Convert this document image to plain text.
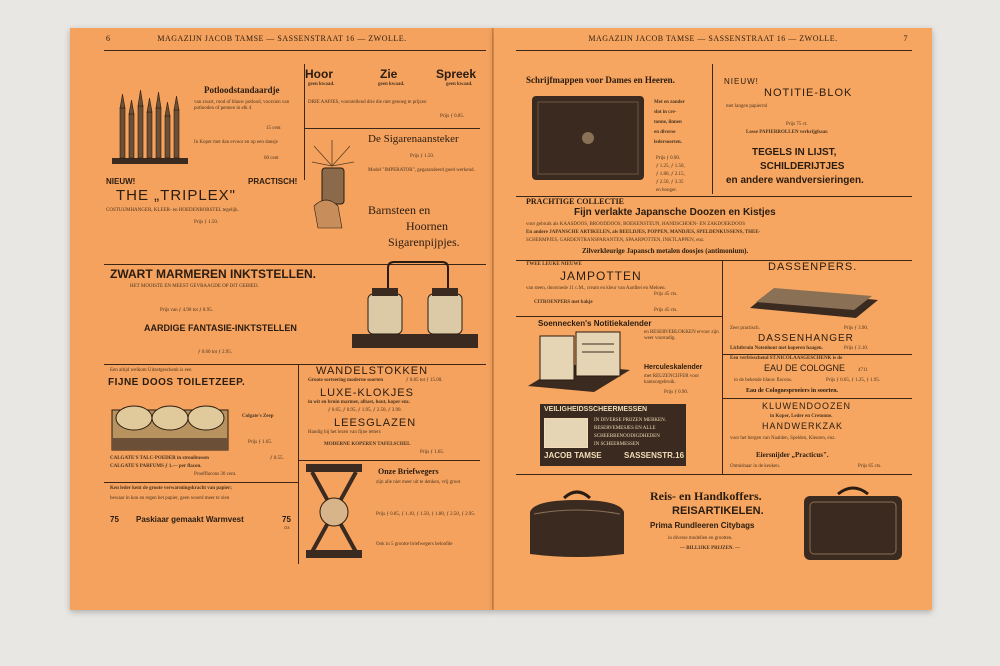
6	MAGAZIJN JACOB TAMSE — SASSENSTRAAT 16 — ZWOLLE.
Potloodstandaardje
van zwart, rood of blauw potlood, voorzien van potlooden of pennen in elk 4
15 cent
In Koper met dan ervoor en op een dansje
60 cent
Hoor	Zie	Spreek
geen kwaad.	geen kwaad.	geen kwaad.
DRIE AAPJES, voorstellend drie die niet genoeg te prijzen
Prijs ƒ 0.85.
De Sigarenaansteker
Model "IMPERATOR", gegarandeerd goed werkend.
Prijs ƒ 1.50.
Barnsteen en
Hoornen
Sigarenpijpjes.
NIEUW!	PRACTISCH!
THE „TRIPLEX"
COSTUUMHANGER, KLEER- en HOEDENBORSTEL tegelijk.
Prijs ƒ 1.50.
ZWART MARMEREN INKTSTELLEN.
HET MOOISTE EN MEEST GEVRAAGDE OP DIT GEBIED.
Prijs van ƒ 4.90 tot ƒ 8.95.
AARDIGE FANTASIE-INKTSTELLEN
ƒ 0.60 tot ƒ 2.95.
Een altijd welkom Uitzetgeschenk is een
FIJNE DOOS TOILETZEEP.
Colgate's Zeep
Prijs ƒ 1.65.
CALGATE'S TALC-POEDER in strooibussen	ƒ 0.55.
CALGATE'S PARFUMS ƒ 1.— per flacon.
Proefflacons 30 cent.
Ken leder kent de groote verwarmingskracht van papier;
bewaar in kou en regen het papier, geen woord meer te zien
75 Paskiaar gemaakt Warmvest	75
cts
WANDELSTOKKEN
Groote sorteering moderne soorten	ƒ 0.85 tot ƒ 15.00.
LUXE-KLOKJES
in wit en bruin marmer, albast, hout, koper enz.
ƒ 0.65, ƒ 0.95, ƒ 1.95, ƒ 2.50, ƒ 3.90.
LEESGLAZEN
Handig bij het lezen van fijne letters
MODERNE KOPEREN TAFELSCHEL
Prijs ƒ 1.65.
Onze Briefwegers
zijn alle niet meer uit te denken, vrij groot
Prijs ƒ 0.85, ƒ 1.10, ƒ 1.50, ƒ 1.80, ƒ 2.50, ƒ 2.95.
Ook in 5 grootte briefwegers beloofde
MAGAZIJN JACOB TAMSE — SASSENSTRAAT 16 — ZWOLLE.	7
Schrijfmappen voor Dames en Heeren.
Met en zonder
slot in cre-
tonne, linnen
en diverse
ledersoorten.
Prijs ƒ 0.90.
ƒ 1.25, ƒ 1.50,
ƒ 1.80, ƒ 2.15,
ƒ 2.50, ƒ 3.35
en hooger.
NIEUW!
NOTITIE-BLOK
met langen papierrol
Prijs 75 ct.
Losse PAPIERROLLEN verkrijgbaar.
TEGELS IN LIJST,
SCHILDERIJTJES
en andere wandversieringen.
PRACHTIGE COLLECTIE
Fijn verlakte Japansche Doozen en Kistjes
voor gebruik als KAASDOOS, BROODDOOS, BOEKENSTEUN, HANDSCHOEN- EN ZAKDOEKDOOS
En andere JAPANSCHE ARTIKELEN, als BEELDJES, POPPEN, MANDJES, SPELDENKUSSENS, THEE-
SCHERMPJES, GARDENTRANSPARANTEN, SPAARPOTTEN, INKTLAPPEN, enz.
Zilverkleurige Japansch metalen doosjes (antimonium).
TWEE LEUKE NIEUWE
JAMPOTTEN
van steen, doorsnede 11 c.M., cream en kleur van Aardbei en Meloen.
Prijs 45 cts.
CITROENPERS met bakje
Prijs 45 cts.
Soennecken's Notitiekalender
en RESERVEBLOKKEN ervoor zijn weer voorradig.
Herculeskalender
met REUZENCIJFER voor kantoorgebruik.
Prijs ƒ 0.90.
VEILIGHEIDSSCHEERMESSEN
IN DIVERSE PRIJZEN MERKEN.
RESERVEMESJES EN ALLE
SCHEERBENOODIGDHEDEN
IN SCHEERMESSEN
JACOB TAMSE	SASSENSTR.16
DASSENPERS.
Zeer practisch.	Prijs ƒ 3.90.
DASSENHANGER
Lichtbruin Notenhout met koperen haagen.	Prijs ƒ 2.10.
Een verfrisschend ST.NICOLAASGESCHENK is de
EAU DE COLOGNE	4711
in de bekende blauw flacons.	Prijs ƒ 0.65, ƒ 1.25, ƒ 1.95.
Eau de Colognesproeiers in soorten.
KLUWENDOOZEN
in Koper, Leder en Cretonne.
HANDWERKZAK
voor het bergen van Naalden, Spelden, Kleuren, enz.
Eiersnijder „Practicus".
Onmisbaar in de keuken.	Prijs 65 cts.
Reis- en Handkoffers.
REISARTIKELEN.
Prima Rundleeren Citybags
in diverse modellen en grootten.
— BILLIJKE PRIJZEN. —
